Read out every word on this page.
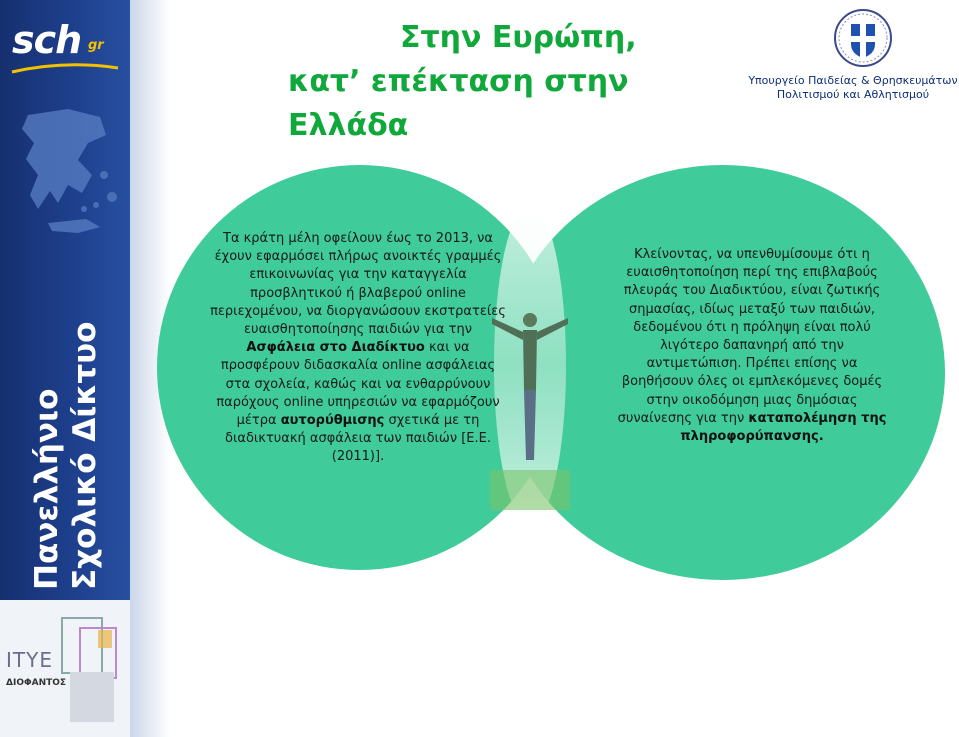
sch gr
Πανελλήνιο Σχολικό Δίκτυο
ΙΤΥΕ
ΔΙΟΦΑΝΤΟΣ
Στην Ευρώπη,
κατ’ επέκταση στην Ελλάδα
Υπουργείο Παιδείας & Θρησκευμάτων
Πολιτισμού και Αθλητισμού
Τα κράτη μέλη οφείλουν έως το 2013, να έχουν εφαρμόσει πλήρως ανοικτές γραμμές επικοινωνίας για την καταγγελία προσβλητικού ή βλαβερού online περιεχομένου, να διοργανώσουν εκστρατείες ευαισθητοποίησης παιδιών για την Ασφάλεια στο Διαδίκτυο και να προσφέρουν διδασκαλία online ασφάλειας στα σχολεία, καθώς και να ενθαρρύνουν παρόχους online υπηρεσιών να εφαρμόζουν μέτρα αυτορύθμισης σχετικά με τη διαδικτυακή ασφάλεια των παιδιών [Ε.Ε. (2011)].
Κλείνοντας, να υπενθυμίσουμε ότι η ευαισθητοποίηση περί της επιβλαβούς πλευράς του Διαδικτύου, είναι ζωτικής σημασίας, ιδίως μεταξύ των παιδιών, δεδομένου ότι η πρόληψη είναι πολύ λιγότερο δαπανηρή από την αντιμετώπιση. Πρέπει επίσης να βοηθήσουν όλες οι εμπλεκόμενες δομές στην οικοδόμηση μιας δημόσιας συναίνεσης για την καταπολέμηση της πληροφορύπανσης.
